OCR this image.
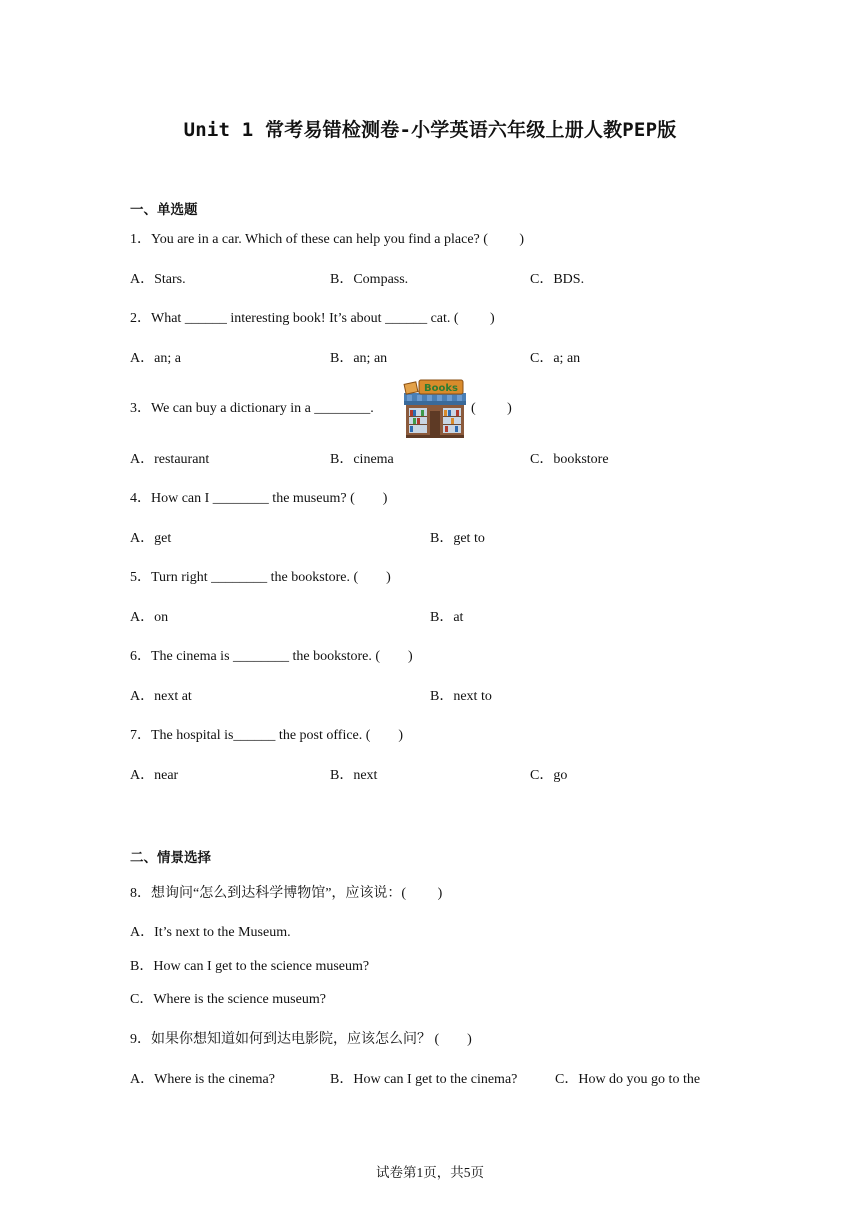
Unit 1 常考易错检测卷-小学英语六年级上册人教PEP版
一、单选题
1．You are in a car. Which of these can help you find a place? (　　 )
A．Stars.	B．Compass.	C．BDS.
2．What ______ interesting book! It’s about ______ cat. (　　 )
A．an; a	B．an; an	C．a; an
3．We can buy a dictionary in a ________.
Books
(　　 )
A．restaurant	B．cinema	C．bookstore
4．How can I ________ the museum? (　　)
A．get	B．get to
5．Turn right ________ the bookstore. (　　)
A．on	B．at
6．The cinema is ________ the bookstore. (　　)
A．next at	B．next to
7．The hospital is______ the post office. (　　)
A．near	B．next	C．go
二、情景选择
8．想询问“怎么到达科学博物馆”，应该说：(　　 )
A．It’s next to the Museum.
B．How can I get to the science museum?
C．Where is the science museum?
9．如果你想知道如何到达电影院，应该怎么问？ (　　)
A．Where is the cinema?	B．How can I get to the cinema?	C．How do you go to the
试卷第1页，共5页
